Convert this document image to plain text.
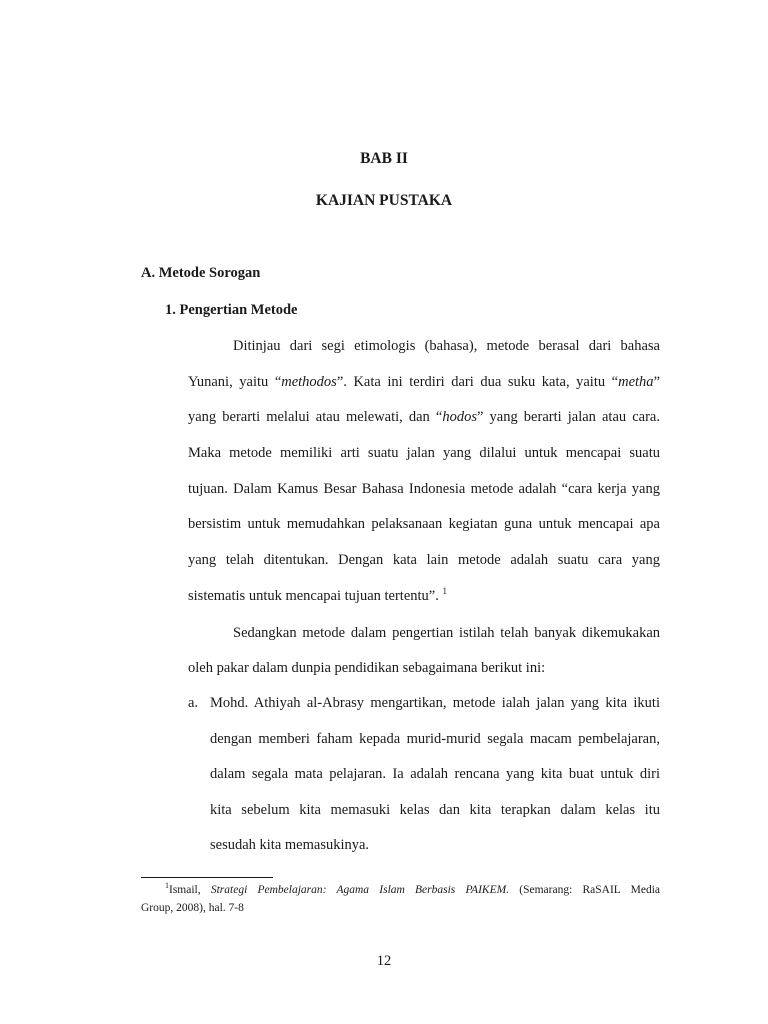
BAB II
KAJIAN PUSTAKA
A. Metode Sorogan
1. Pengertian Metode
Ditinjau dari segi etimologis (bahasa), metode berasal dari bahasa
Yunani, yaitu “methodos”. Kata ini terdiri dari dua suku kata, yaitu “metha”
yang berarti melalui atau melewati, dan “hodos” yang berarti jalan atau cara.
Maka metode memiliki arti suatu jalan yang dilalui untuk mencapai suatu
tujuan. Dalam Kamus Besar Bahasa Indonesia metode adalah “cara kerja yang
bersistim untuk memudahkan pelaksanaan kegiatan guna untuk mencapai apa
yang telah ditentukan. Dengan kata lain metode adalah suatu cara yang
sistematis untuk mencapai tujuan tertentu”. $^1$
Sedangkan metode dalam pengertian istilah telah banyak dikemukakan
oleh pakar dalam dunpia pendidikan sebagaimana berikut ini:
a. Mohd. Athiyah al-Abrasy mengartikan, metode ialah jalan yang kita ikuti
dengan memberi faham kepada murid-murid segala macam pembelajaran,
dalam segala mata pelajaran. Ia adalah rencana yang kita buat untuk diri
kita sebelum kita memasuki kelas dan kita terapkan dalam kelas itu
sesudah kita memasukinya.
$^1$Ismail, Strategi Pembelajaran: Agama Islam Berbasis PAIKEM. (Semarang: RaSAIL Media
Group, 2008), hal. 7-8
12
